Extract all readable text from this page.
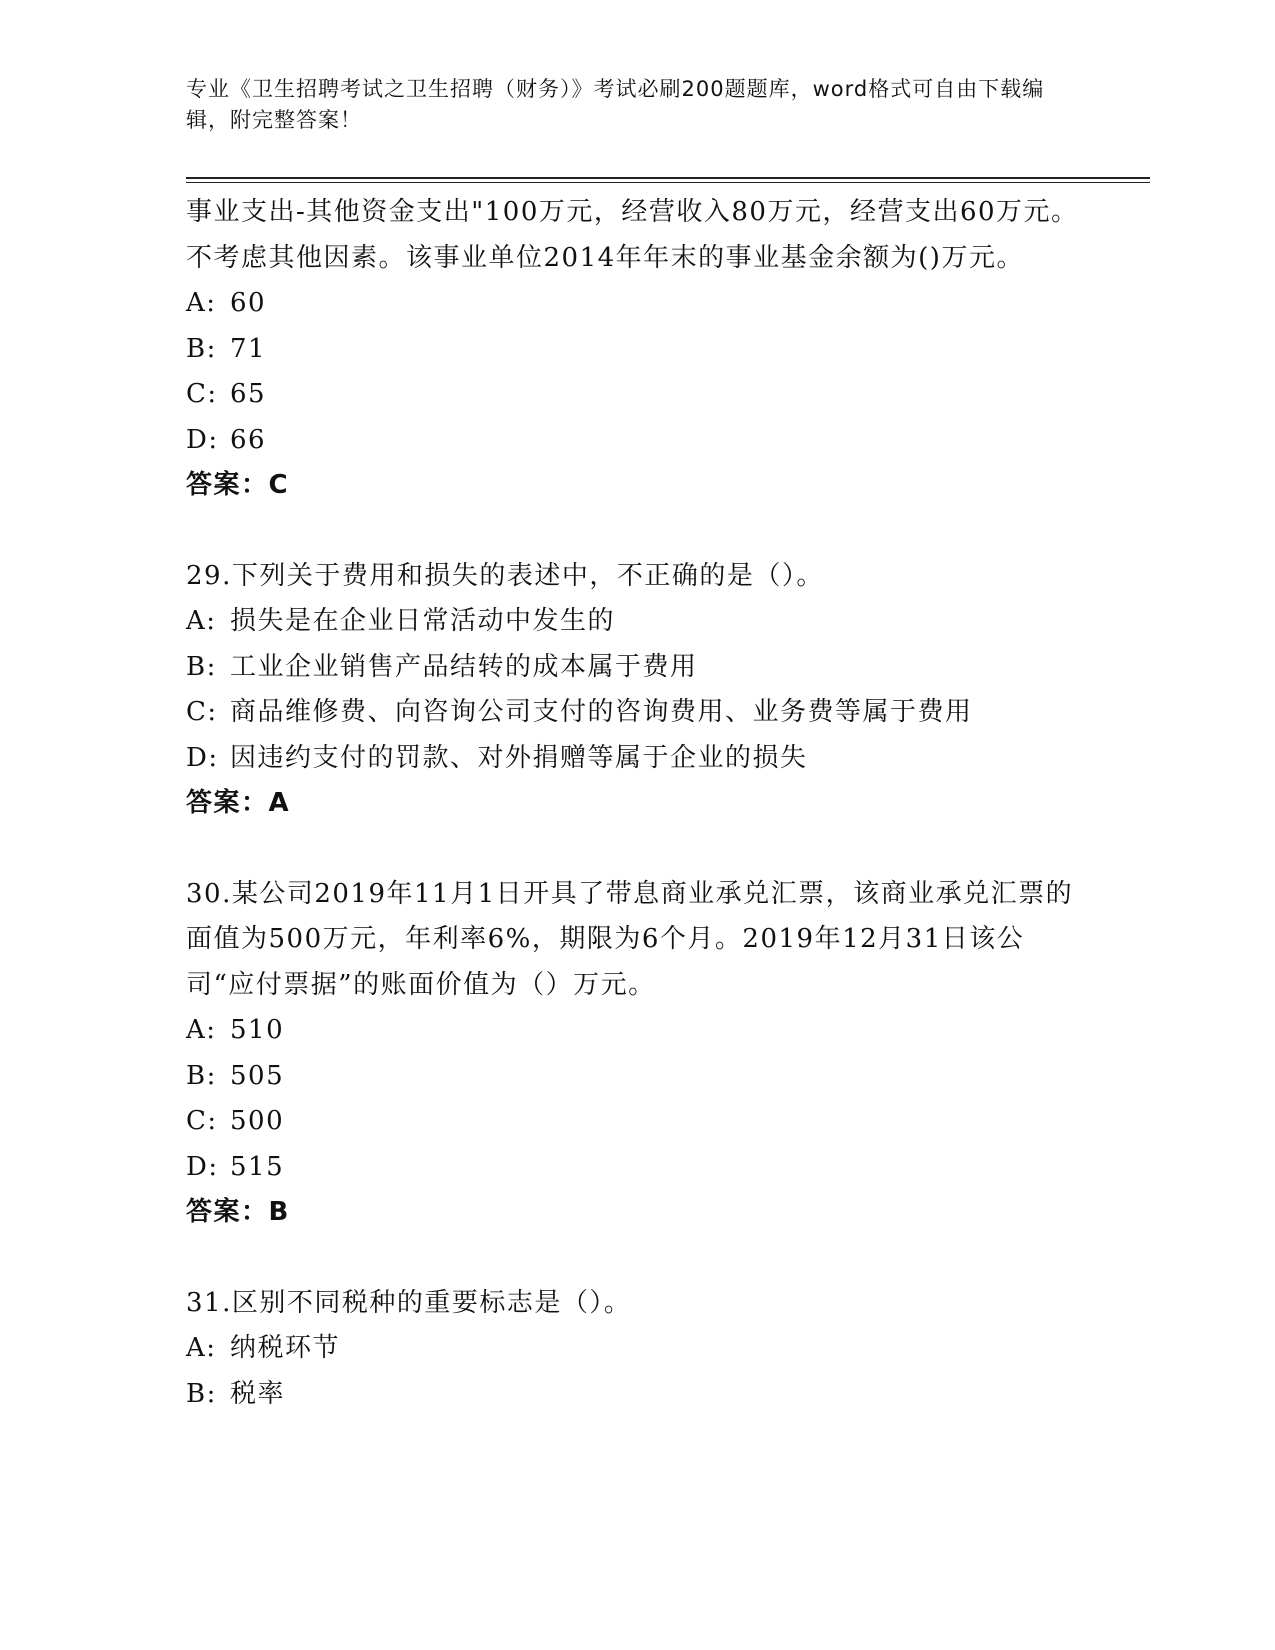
专业《卫生招聘考试之卫生招聘（财务）》考试必刷200题题库，word格式可自由下载编辑，附完整答案！

事业支出-其他资金支出"100万元，经营收入80万元，经营支出60万元。不考虑其他因素。该事业单位2014年年末的事业基金余额为()万元。

A: 60

B: 71

C: 65

D: 66

答案：C

29.下列关于费用和损失的表述中，不正确的是（）。

A: 损失是在企业日常活动中发生的

B: 工业企业销售产品结转的成本属于费用

C: 商品维修费、向咨询公司支付的咨询费用、业务费等属于费用

D: 因违约支付的罚款、对外捐赠等属于企业的损失

答案：A

30.某公司2019年11月1日开具了带息商业承兑汇票，该商业承兑汇票的面值为500万元，年利率6%，期限为6个月。2019年12月31日该公司“应付票据”的账面价值为（）万元。

A: 510

B: 505

C: 500

D: 515

答案：B

31.区别不同税种的重要标志是（）。

A: 纳税环节

B: 税率
